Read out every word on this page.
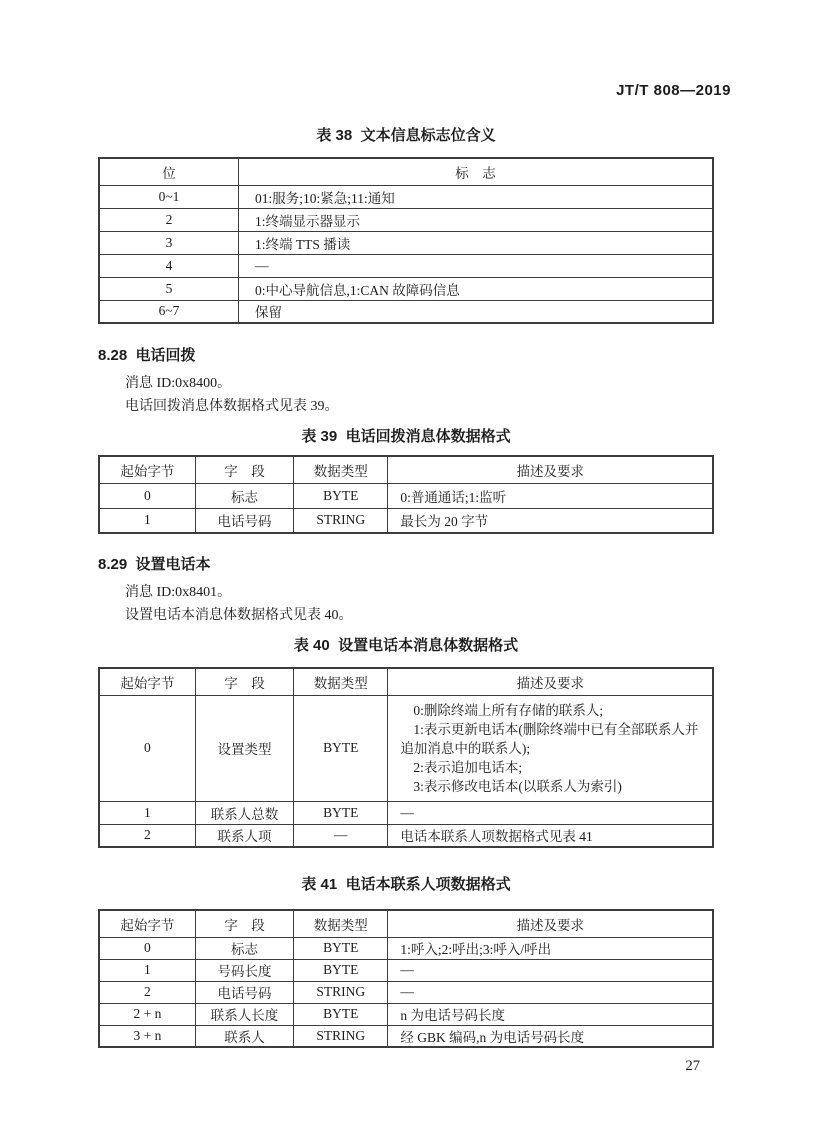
JT/T 808—2019
表 38  文本信息标志位含义
位	标    志
0~1	01:服务;10:紧急;11:通知
2	1:终端显示器显示
3	1:终端 TTS 播读
4	—
5	0:中心导航信息,1:CAN 故障码信息
6~7	保留
8.28  电话回拨
消息 ID:0x8400。
电话回拨消息体数据格式见表 39。
表 39  电话回拨消息体数据格式
起始字节	字    段	数据类型	描述及要求
0	标志	BYTE	0:普通通话;1:监听
1	电话号码	STRING	最长为 20 字节
8.29  设置电话本
消息 ID:0x8401。
设置电话本消息体数据格式见表 40。
表 40  设置电话本消息体数据格式
起始字节	字    段	数据类型	描述及要求
0	设置类型	BYTE	0:删除终端上所有存储的联系人;
1:表示更新电话本(删除终端中已有全部联系人并追加消息中的联系人);
2:表示追加电话本;
3:表示修改电话本(以联系人为索引)

1	联系人总数	BYTE	—
2	联系人项	—	电话本联系人项数据格式见表 41
表 41  电话本联系人项数据格式
起始字节	字    段	数据类型	描述及要求
0	标志	BYTE	1:呼入;2:呼出;3:呼入/呼出
1	号码长度	BYTE	—
2	电话号码	STRING	—
2 + n	联系人长度	BYTE	n 为电话号码长度
3 + n	联系人	STRING	经 GBK 编码,n 为电话号码长度
27
